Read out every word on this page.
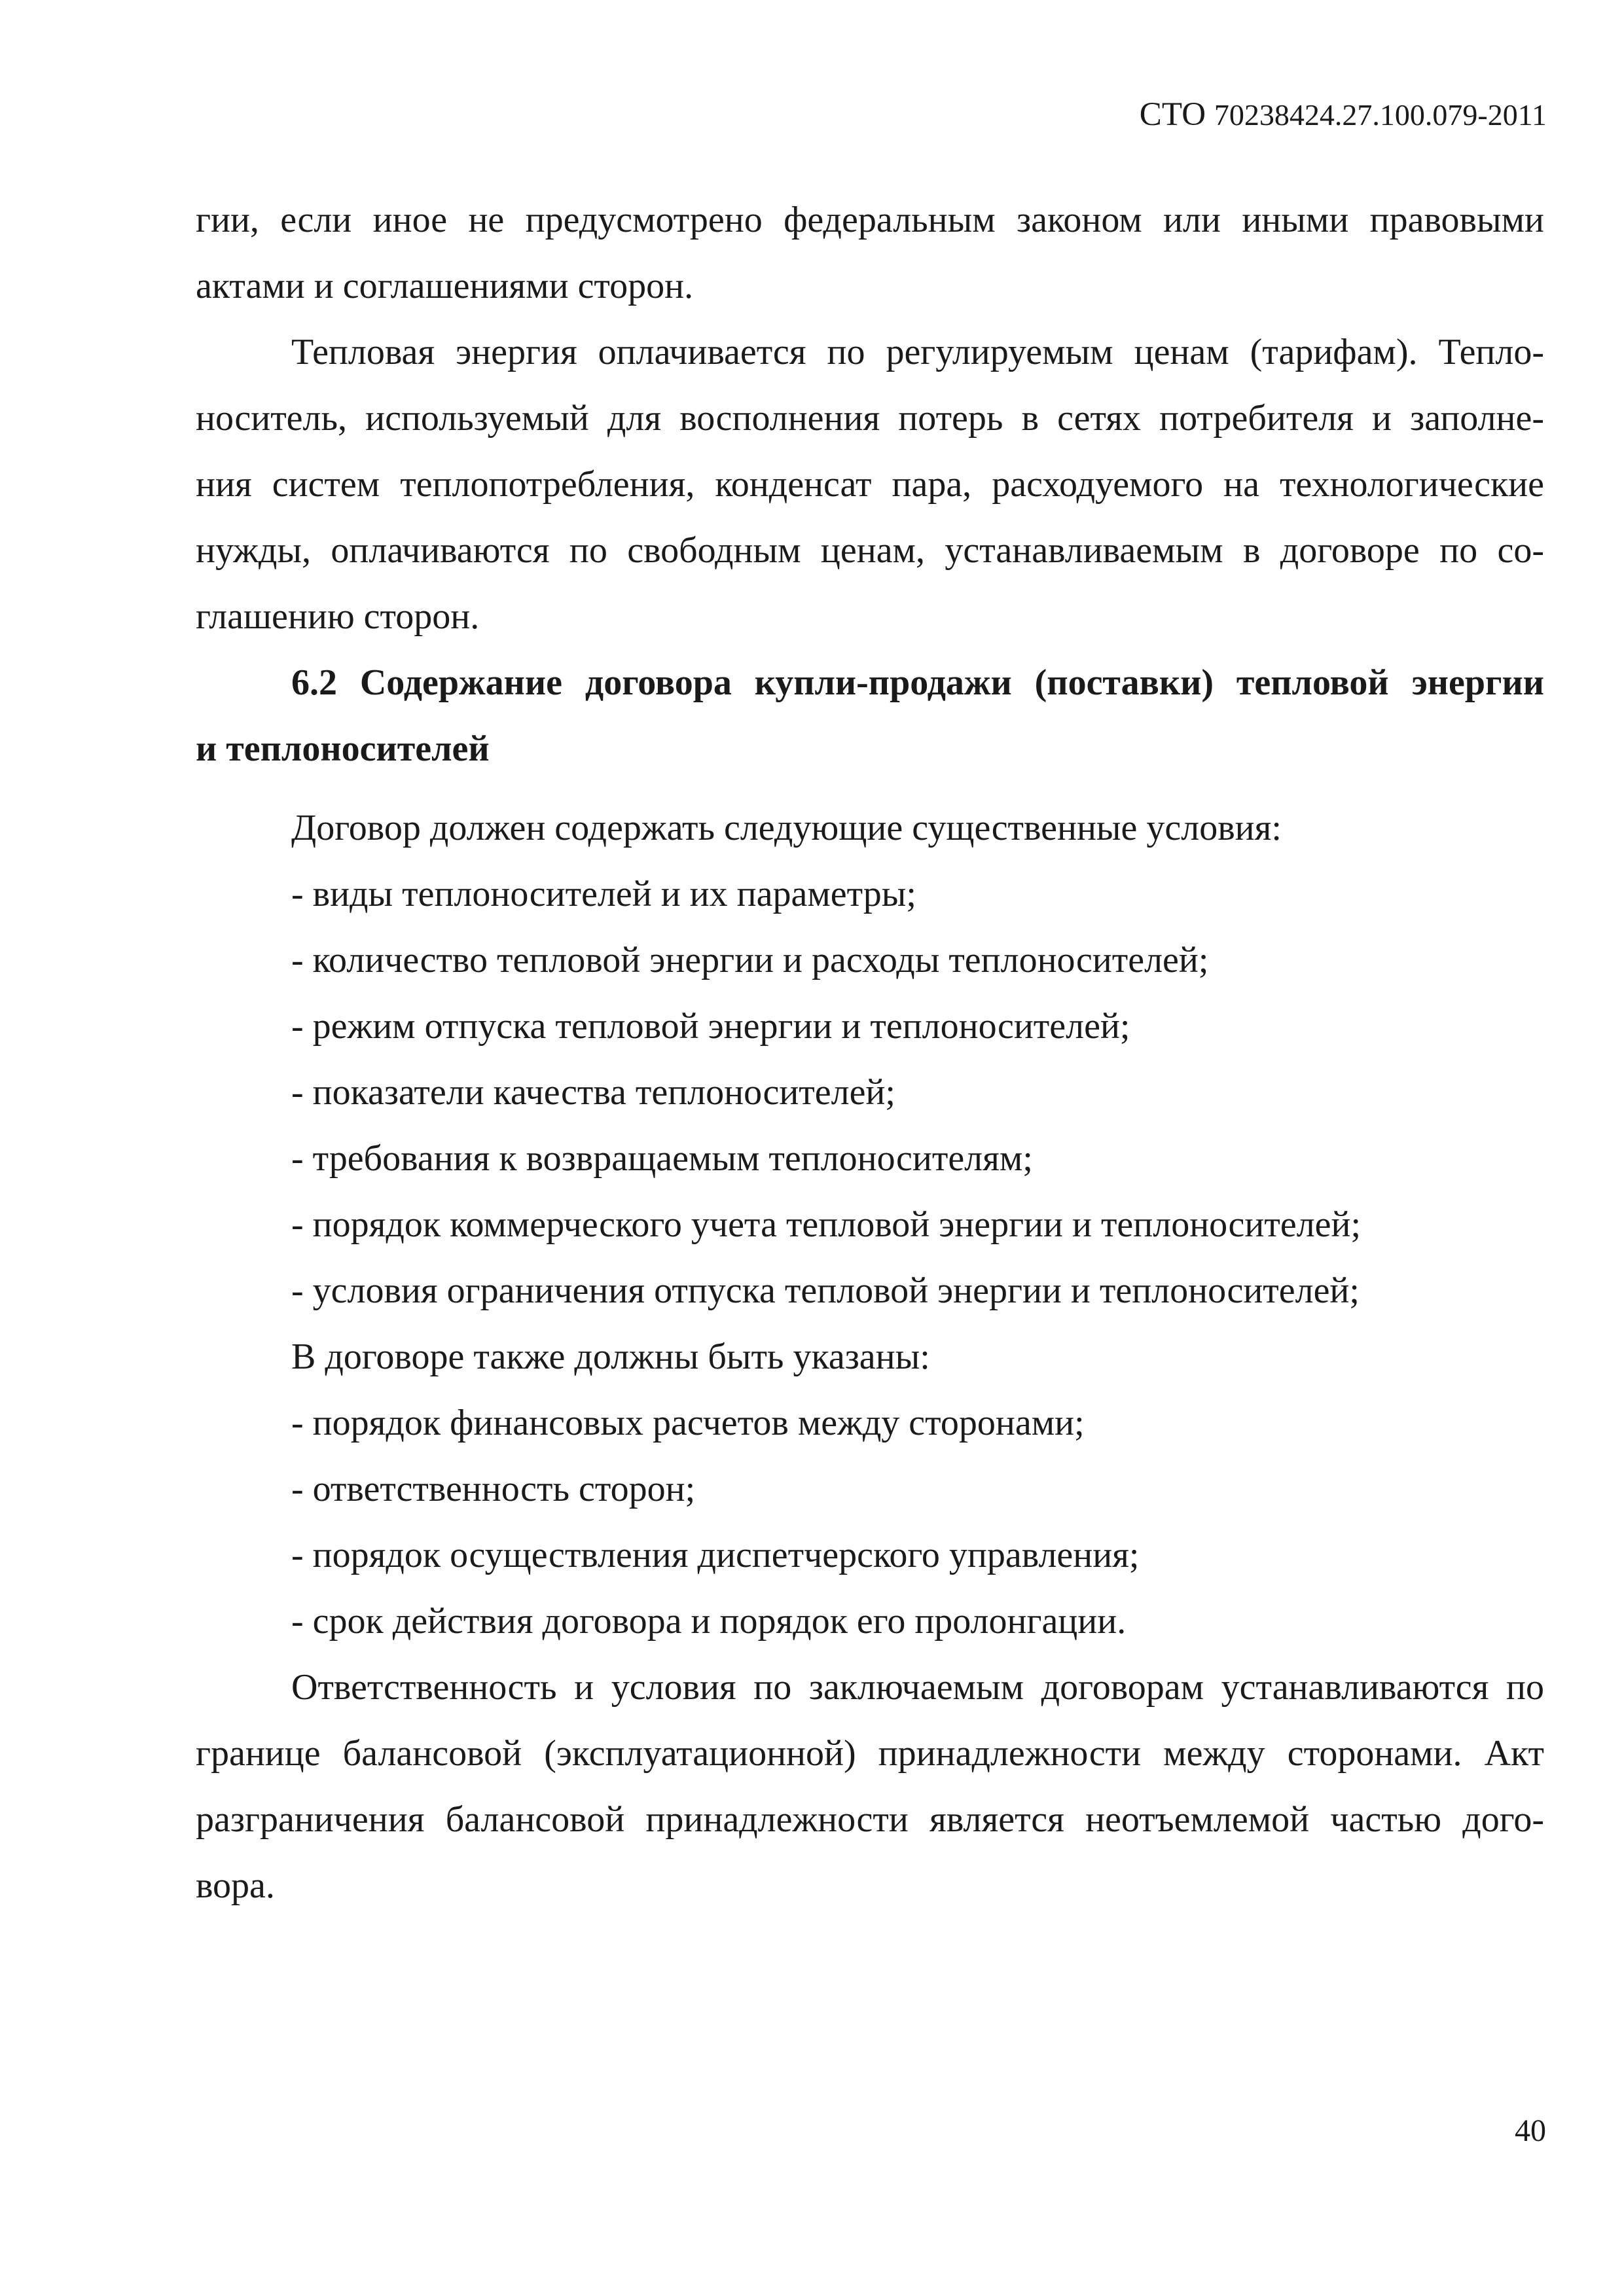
СТО 70238424.27.100.079-2011
гии, если иное не предусмотрено федеральным законом или иными правовыми
актами и соглашениями сторон.
Тепловая энергия оплачивается по регулируемым ценам (тарифам). Тепло-
носитель, используемый для восполнения потерь в сетях потребителя и заполне-
ния систем теплопотребления, конденсат пара, расходуемого на технологические
нужды, оплачиваются по свободным ценам, устанавливаемым в договоре по со-
глашению сторон.
6.2 Содержание договора купли-продажи (поставки) тепловой энергии
и теплоносителей
Договор должен содержать следующие существенные условия:
- виды теплоносителей и их параметры;
- количество тепловой энергии и расходы теплоносителей;
- режим отпуска тепловой энергии и теплоносителей;
- показатели качества теплоносителей;
- требования к возвращаемым теплоносителям;
- порядок коммерческого учета тепловой энергии и теплоносителей;
- условия ограничения отпуска тепловой энергии и теплоносителей;
В договоре также должны быть указаны:
- порядок финансовых расчетов между сторонами;
- ответственность сторон;
- порядок осуществления диспетчерского управления;
- срок действия договора и порядок его пролонгации.
Ответственность и условия по заключаемым договорам устанавливаются по
границе балансовой (эксплуатационной) принадлежности между сторонами. Акт
разграничения балансовой принадлежности является неотъемлемой частью дого-
вора.
40
